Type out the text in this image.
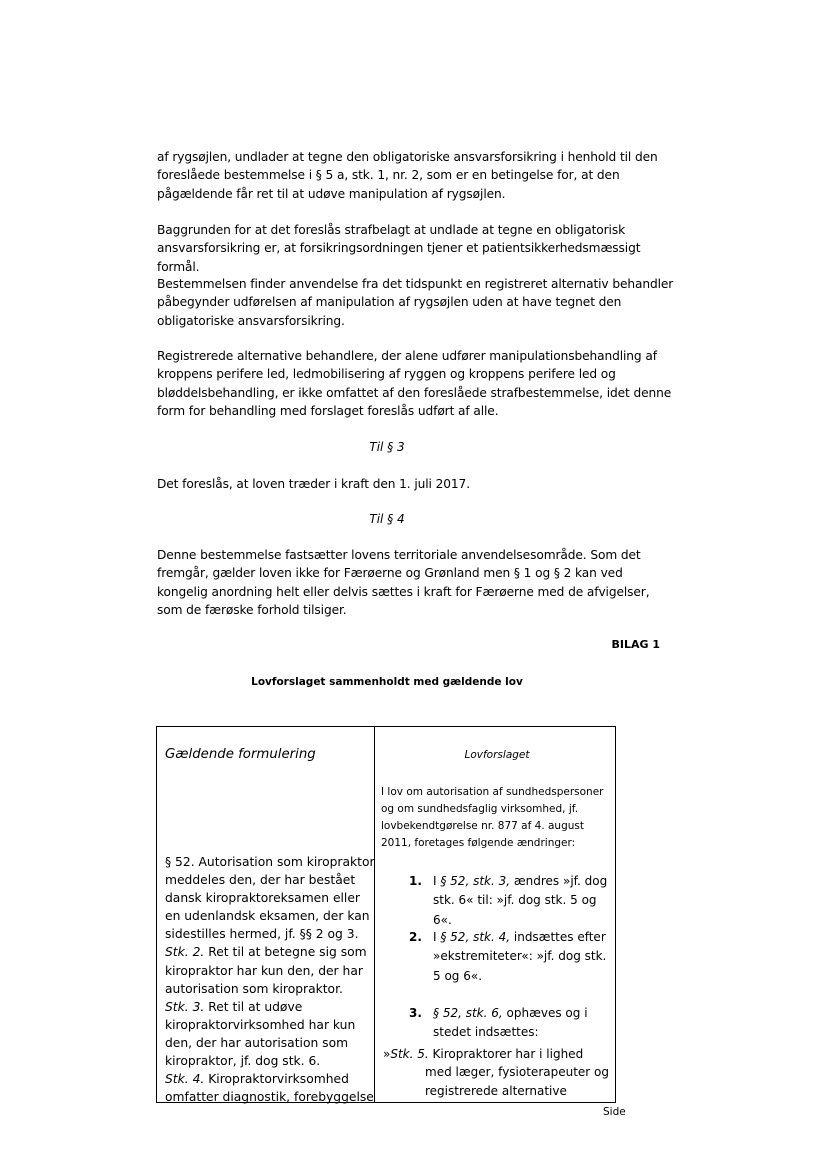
af rygsøjlen, undlader at tegne den obligatoriske ansvarsforsikring i henhold til den foreslåede bestemmelse i § 5 a, stk. 1, nr. 2, som er en betingelse for, at den pågældende får ret til at udøve manipulation af rygsøjlen.

Baggrunden for at det foreslås strafbelagt at undlade at tegne en obligatorisk ansvarsforsikring er, at forsikringsordningen tjener et patientsikkerhedsmæssigt formål.

Bestemmelsen finder anvendelse fra det tidspunkt en registreret alternativ behandler påbegynder udførelsen af manipulation af rygsøjlen uden at have tegnet den obligatoriske ansvarsforsikring.

Registrerede alternative behandlere, der alene udfører manipulationsbehandling af kroppens perifere led, ledmobilisering af ryggen og kroppens perifere led og bløddelsbehandling, er ikke omfattet af den foreslåede strafbestemmelse, idet denne form for behandling med forslaget foreslås udført af alle.

Til § 3

Det foreslås, at loven træder i kraft den 1. juli 2017.

Til § 4

Denne bestemmelse fastsætter lovens territoriale anvendelsesområde. Som det fremgår, gælder loven ikke for Færøerne og Grønland men § 1 og § 2 kan ved kongelig anordning helt eller delvis sættes i kraft for Færøerne med de afvigelser, som de færøske forhold tilsiger.

BILAG 1
Lovforslaget sammenholdt med gældende lov
Gældende formulering

§ 52. Autorisation som kiropraktor meddeles den, der har bestået dansk kiropraktoreksamen eller en udenlandsk eksamen, der kan sidestilles hermed, jf. §§ 2 og 3.

Stk. 2. Ret til at betegne sig som kiropraktor har kun den, der har autorisation som kiropraktor.

Stk. 3. Ret til at udøve kiropraktorvirksomhed har kun den, der har autorisation som kiropraktor, jf. dog stk. 6.

Stk. 4. Kiropraktorvirksomhed omfatter diagnostik, forebyggelse

Lovforslaget
I lov om autorisation af sundhedspersoner og om sundhedsfaglig virksomhed, jf. lovbekendtgørelse nr. 877 af 4. august 2011, foretages følgende ændringer:
1. I § 52, stk. 3, ændres »jf. dog stk. 6« til: »jf. dog stk. 5 og 6«.
2. I § 52, stk. 4, indsættes efter »ekstremiteter«: »jf. dog stk. 5 og 6«.
3. § 52, stk. 6, ophæves og i stedet indsættes:
»Stk. 5. Kiropraktorer har i lighed med læger, fysioterapeuter og registrerede alternative
Side
